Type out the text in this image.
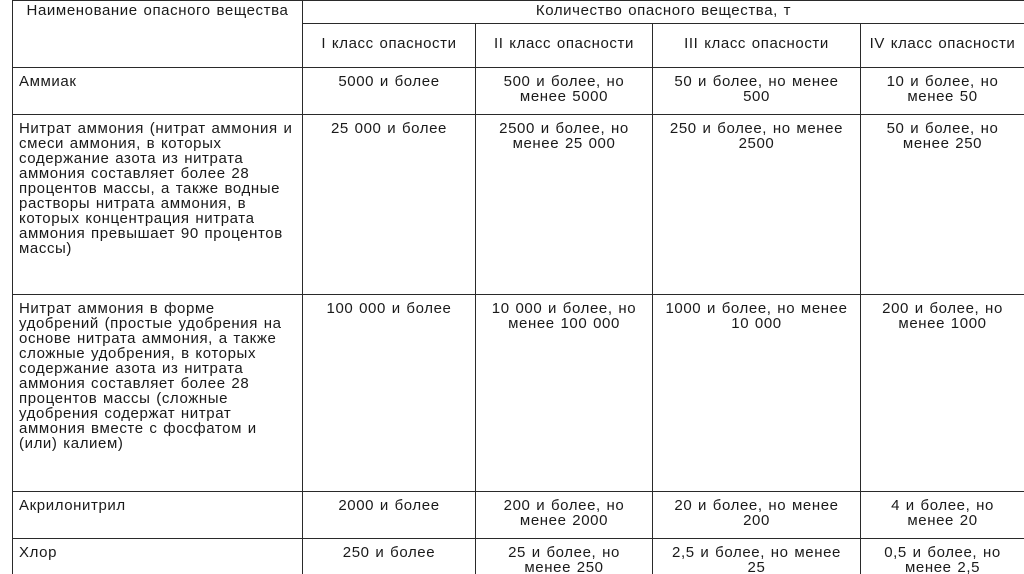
Наименование опасного вещества	Количество опасного вещества, т			
	I класс опасности	II класс опасности	III класс опасности	IV класс опасности
Аммиак	5000 и более	500 и более, но менее 5000	50 и более, но менее 500	10 и более, но менее 50
Нитрат аммония (нитрат аммония и смеси аммония, в которых содержание азота из нитрата аммония составляет более 28 процентов массы, а также водные растворы нитрата аммония, в которых концентрация нитрата аммония превышает 90 процентов массы)	25 000 и более	2500 и более, но менее 25 000	250 и более, но менее 2500	50 и более, но менее 250
Нитрат аммония в форме удобрений (простые удобрения на основе нитрата аммония, а также сложные удобрения, в которых содержание азота из нитрата аммония составляет более 28 процентов массы (сложные удобрения содержат нитрат аммония вместе с фосфатом и (или) калием)	100 000 и более	10 000 и более, но менее 100 000	1000 и более, но менее 10 000	200 и более, но менее 1000
Акрилонитрил	2000 и более	200 и более, но менее 2000	20 и более, но менее 200	4 и более, но менее 20
Хлор	250 и более	25 и более, но менее 250	2,5 и более, но менее 25	0,5 и более, но менее 2,5
